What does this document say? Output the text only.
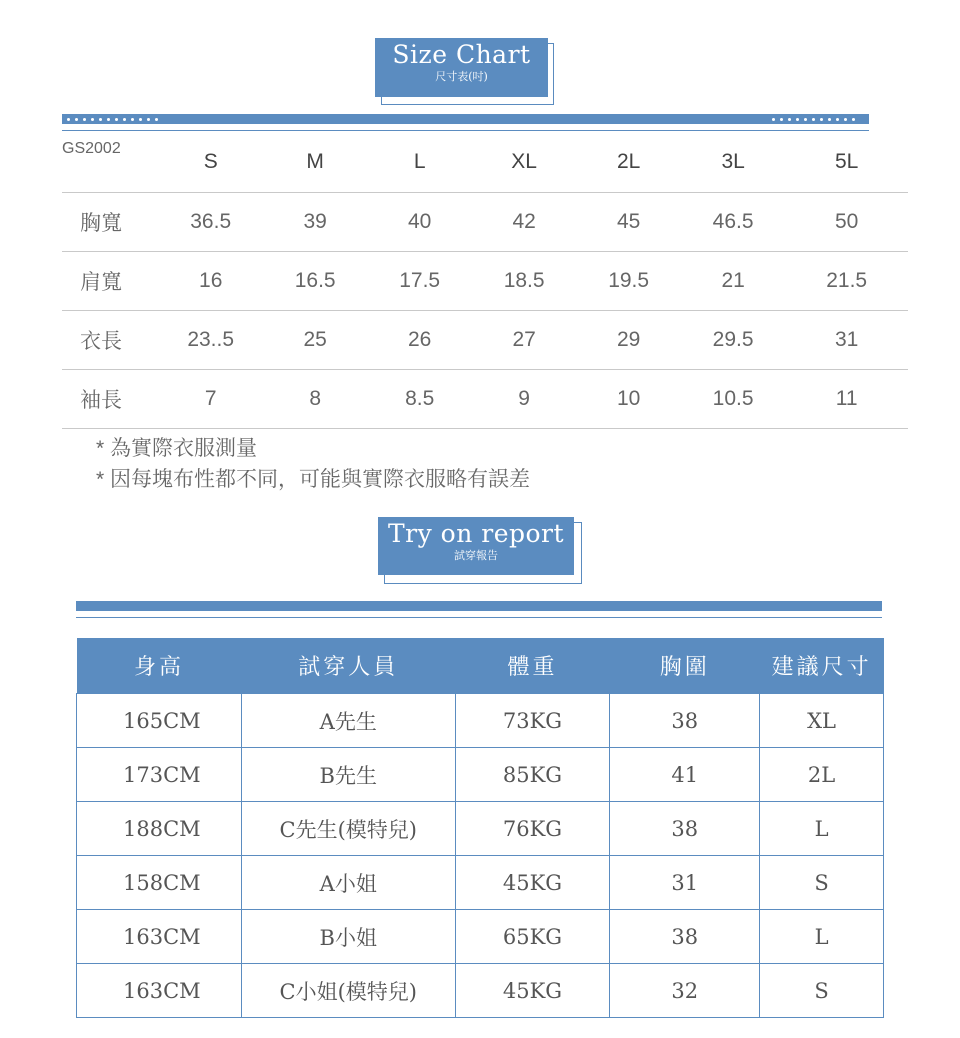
Size Chart
尺寸表(吋)
GS2002	S	M	L	XL	2L	3L	5L
胸寬	36.5	39	40	42	45	46.5	50
肩寬	16	16.5	17.5	18.5	19.5	21	21.5
衣長	23..5	25	26	27	29	29.5	31
袖長	7	8	8.5	9	10	10.5	11
* 為實際衣服測量
* 因每塊布性都不同，可能與實際衣服略有誤差
Try on report
試穿報告
身高	試穿人員	體重	胸圍	建議尺寸
165CM	A先生	73KG	38	XL
173CM	B先生	85KG	41	2L
188CM	C先生(模特兒)	76KG	38	L
158CM	A小姐	45KG	31	S
163CM	B小姐	65KG	38	L
163CM	C小姐(模特兒)	45KG	32	S
